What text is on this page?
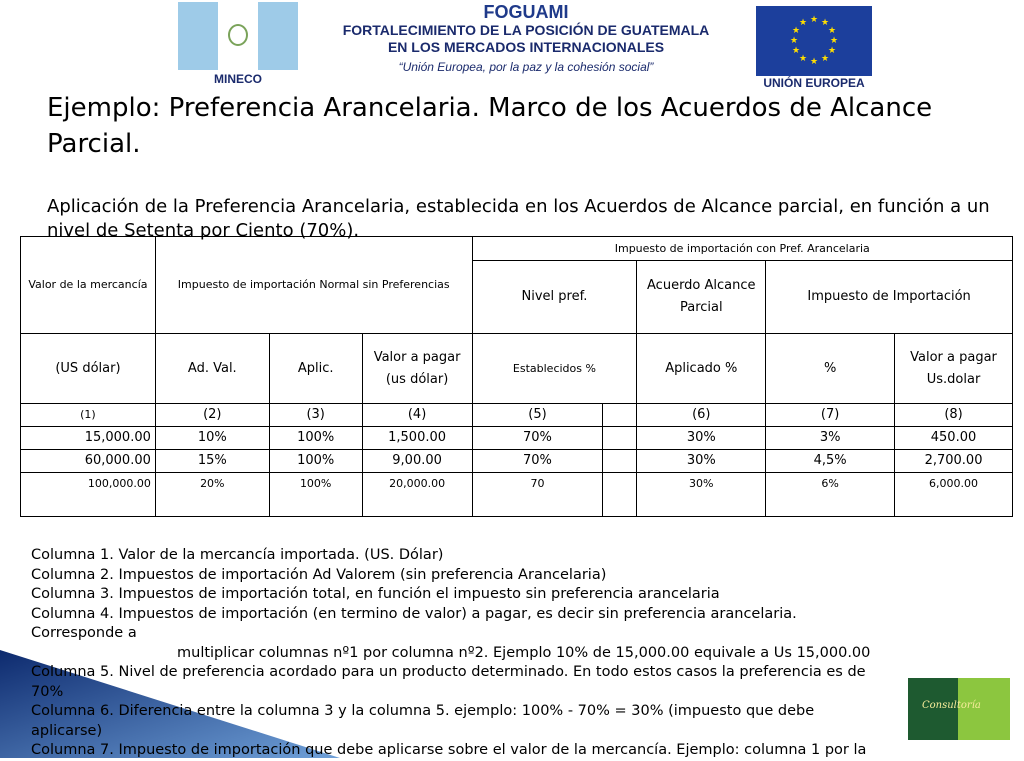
MINECO
FOGUAMI
FORTALECIMIENTO DE LA POSICIÓN DE GUATEMALA
EN LOS MERCADOS INTERNACIONALES
“Unión Europea, por la paz y la cohesión social”
★ ★
★
★
★
★
★
★
★
★
★
★
UNIÓN EUROPEA
Ejemplo: Preferencia Arancelaria. Marco de los Acuerdos de Alcance Parcial.
Aplicación de la Preferencia Arancelaria, establecida en los Acuerdos de Alcance parcial, en función a un nivel de Setenta por Ciento (70%).
Valor de la mercancía	Impuesto de importación Normal sin Preferencias			Impuesto de importación con Pref. Arancelaria				
				Nivel pref.		Acuerdo Alcance Parcial	Impuesto de Importación	
(US dólar)	Ad. Val.	Aplic.	Valor a pagar (us dólar)	Establecidos %		Aplicado %	%	Valor a pagar Us.dolar
(1)	(2)	(3)	(4)	(5)		(6)	(7)	(8)
15,000.00	10%	100%	1,500.00	70%		30%	3%	450.00
60,000.00	15%	100%	9,00.00	70%		30%	4,5%	2,700.00
100,000.00	20%	100%	20,000.00	70		30%	6%	6,000.00
Consultoría
Columna 1. Valor de la mercancía importada. (US. Dólar)
Columna 2. Impuestos de importación Ad Valorem (sin preferencia Arancelaria)
Columna 3. Impuestos de importación total, en función el impuesto sin preferencia arancelaria
Columna 4. Impuestos de importación (en termino de valor) a pagar, es decir sin preferencia arancelaria.
Corresponde a
multiplicar columnas nº1 por columna nº2. Ejemplo 10% de 15,000.00 equivale a Us 15,000.00
Columna 5. Nivel de preferencia acordado para un producto determinado. En todo estos casos la preferencia es de
70%
Columna 6. Diferencia entre la columna 3 y la columna 5. ejemplo: 100% - 70% = 30% (impuesto que debe
aplicarse)
Columna 7. Impuesto de importación que debe aplicarse sobre el valor de la mercancía. Ejemplo: columna 1 por la
